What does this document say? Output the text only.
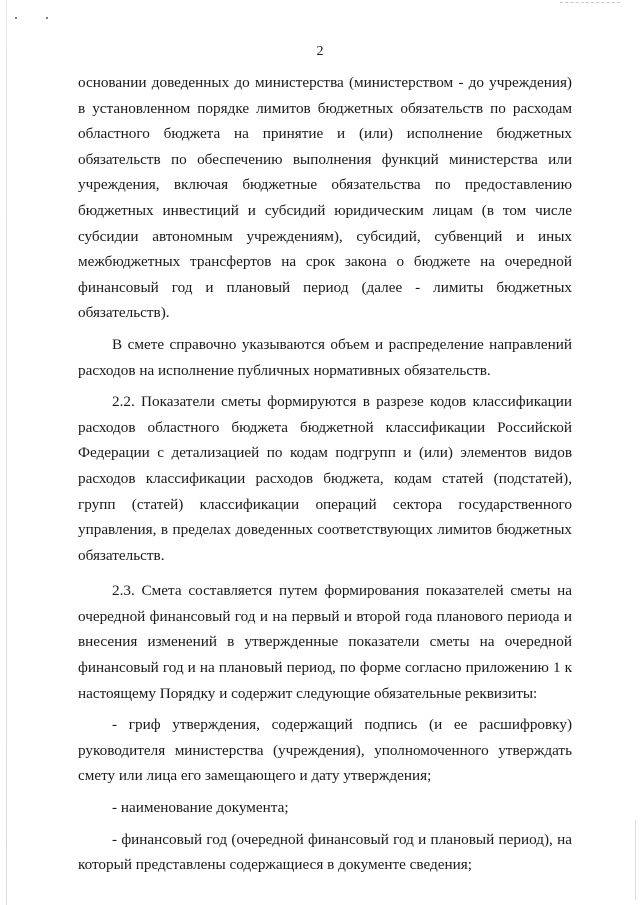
2

основании доведенных до министерства (министерством - до учреждения) в установленном порядке лимитов бюджетных обязательств по расходам областного бюджета на принятие и (или) исполнение бюджетных обязательств по обеспечению выполнения функций министерства или учреждения, включая бюджетные обязательства по предоставлению бюджетных инвестиций и субсидий юридическим лицам (в том числе субсидии автономным учреждениям), субсидий, субвенций и иных межбюджетных трансфертов на срок закона о бюджете на очередной финансовый год и плановый период (далее - лимиты бюджетных обязательств).

В смете справочно указываются объем и распределение направлений расходов на исполнение публичных нормативных обязательств.

2.2. Показатели сметы формируются в разрезе кодов классификации расходов областного бюджета бюджетной классификации Российской Федерации с детализацией по кодам подгрупп и (или) элементов видов расходов классификации расходов бюджета, кодам статей (подстатей), групп (статей) классификации операций сектора государственного управления, в пределах доведенных соответствующих лимитов бюджетных обязательств.

2.3. Смета составляется путем формирования показателей сметы на очередной финансовый год и на первый и второй года планового периода и внесения изменений в утвержденные показатели сметы на очередной финансовый год и на плановый период, по форме согласно приложению 1 к настоящему Порядку и содержит следующие обязательные реквизиты:

- гриф утверждения, содержащий подпись (и ее расшифровку) руководителя министерства (учреждения), уполномоченного утверждать смету или лица его замещающего и дату утверждения;

- наименование документа;

- финансовый год (очередной финансовый год и плановый период), на который представлены содержащиеся в документе сведения;
